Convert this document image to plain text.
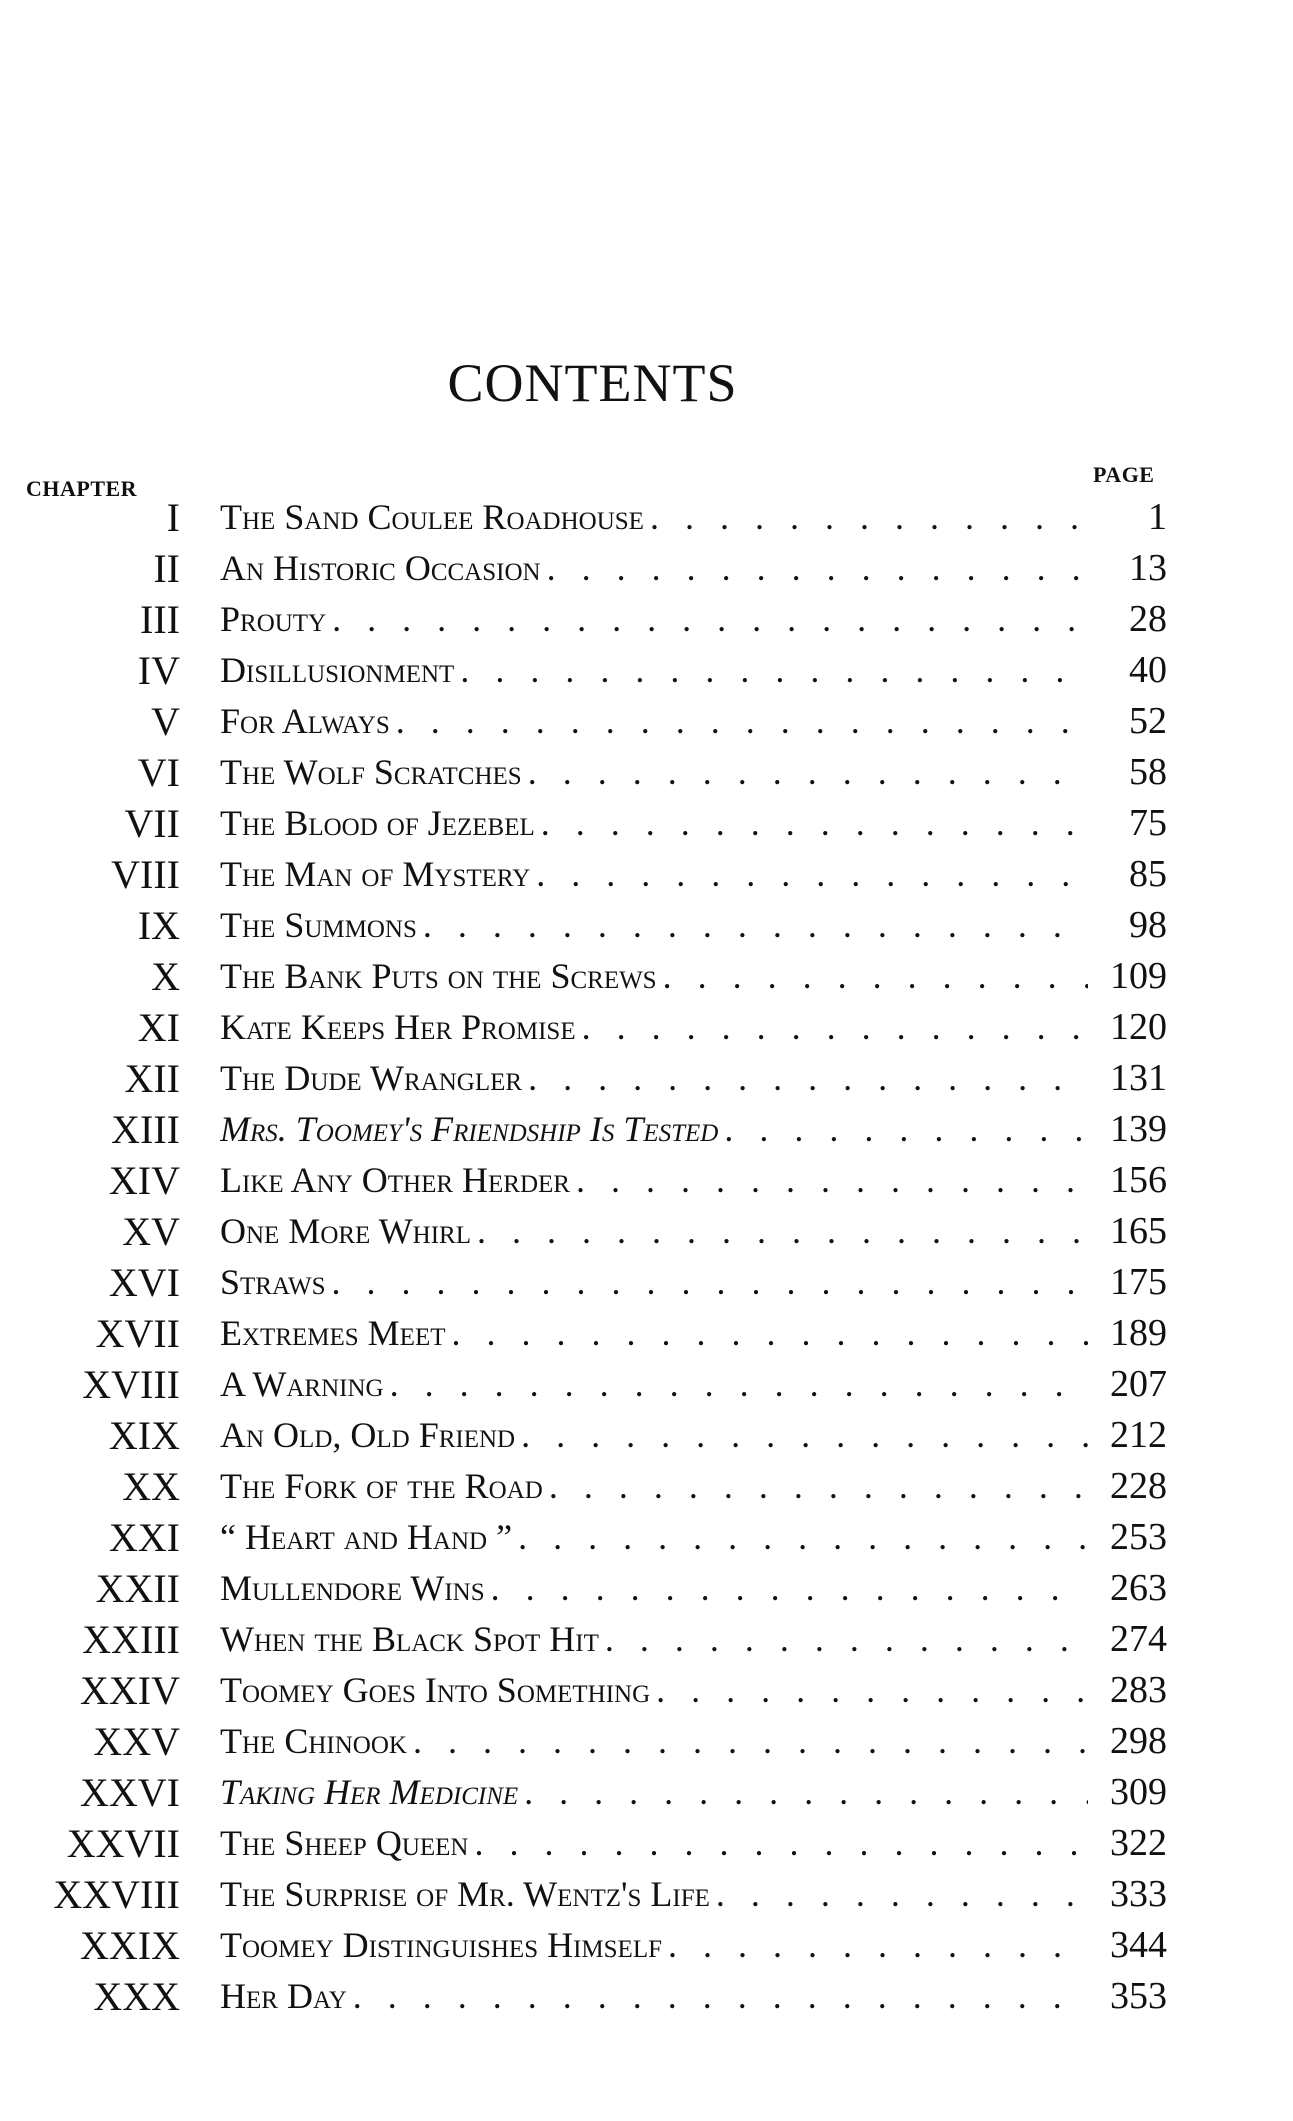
CONTENTS
CHAPTER
PAGE
I The Sand Coulee Roadhouse . . .	1
II An Historic Occasion . . .	13
III Prouty . . .	28
IV Disillusionment . . .	40
V For Always . . .	52
VI The Wolf Scratches . . .	58
VII The Blood of Jezebel . . .	75
VIII The Man of Mystery . . .	85
IX The Summons . . .	98
X The Bank Puts on the Screws . . .	109
XI Kate Keeps Her Promise . . .	120
XII The Dude Wrangler . . .	131
XIII Mrs. Toomey's Friendship Is Tested . . .	139
XIV Like Any Other Herder . . .	156
XV One More Whirl . . .	165
XVI Straws . . .	175
XVII Extremes Meet . . .	189
XVIII A Warning . . .	207
XIX An Old, Old Friend . . .	212
XX The Fork of the Road . . .	228
XXI “ Heart and Hand ” . . .	253
XXII Mullendore Wins . . .	263
XXIII When the Black Spot Hit . . .	274
XXIV Toomey Goes Into Something . . .	283
XXV The Chinook . . .	298
XXVI Taking Her Medicine . . .	309
XXVII The Sheep Queen . . .	322
XXVIII The Surprise of Mr. Wentz's Life . . .	333
XXIX Toomey Distinguishes Himself . . .	344
XXX Her Day . . .	353
